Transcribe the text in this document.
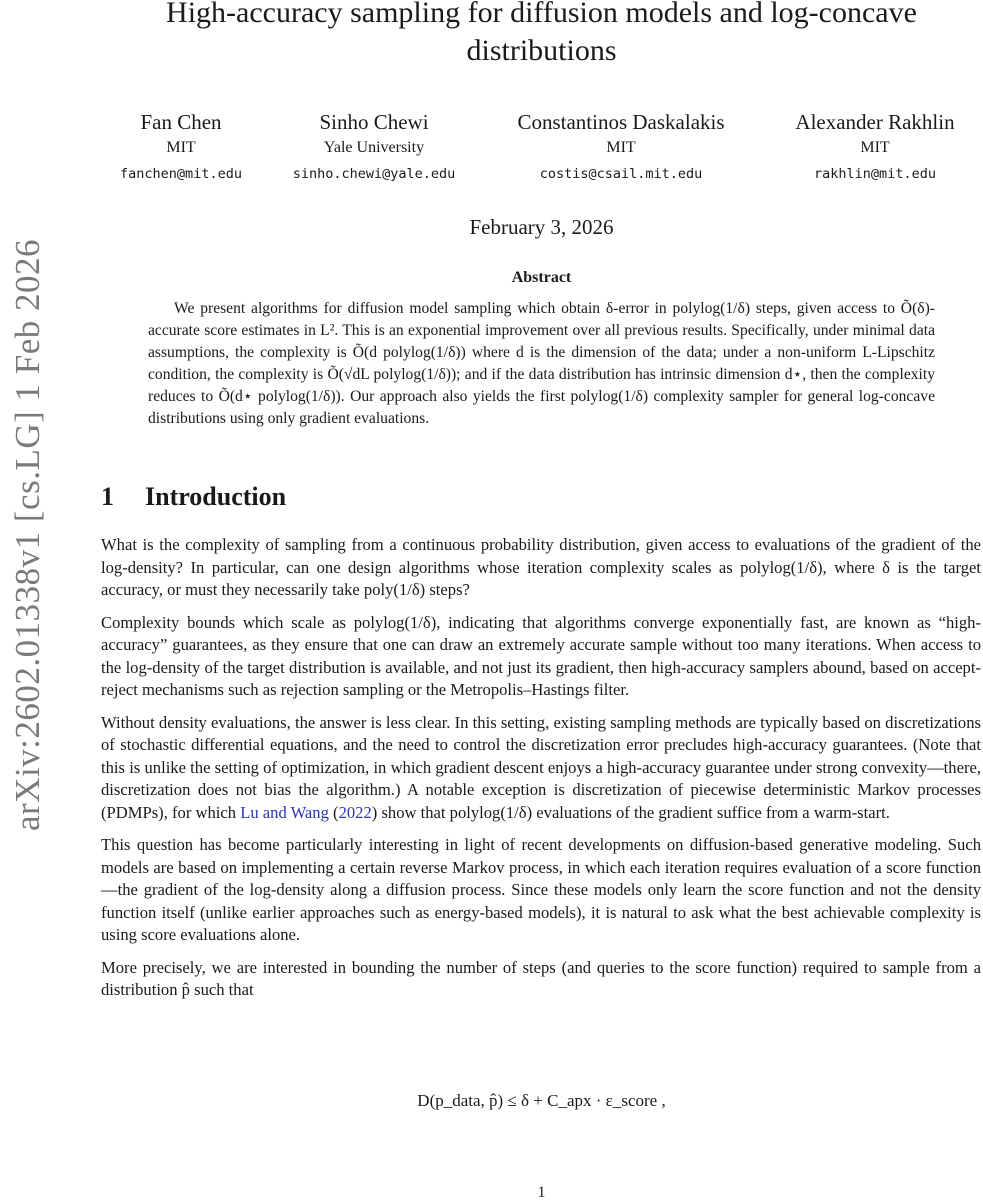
arXiv:2602.01338v1 [cs.LG] 1 Feb 2026
High-accuracy sampling for diffusion models and log-concave distributions
Fan Chen
MIT
fanchen@mit.edu
Sinho Chewi
Yale University
sinho.chewi@yale.edu
Constantinos Daskalakis
MIT
costis@csail.mit.edu
Alexander Rakhlin
MIT
rakhlin@mit.edu
February 3, 2026
Abstract

We present algorithms for diffusion model sampling which obtain δ-error in polylog(1/δ) steps, given access to Õ(δ)-accurate score estimates in L². This is an exponential improvement over all previous results. Specifically, under minimal data assumptions, the complexity is Õ(d polylog(1/δ)) where d is the dimension of the data; under a non-uniform L-Lipschitz condition, the complexity is Õ(√dL polylog(1/δ)); and if the data distribution has intrinsic dimension d⋆, then the complexity reduces to Õ(d⋆ polylog(1/δ)). Our approach also yields the first polylog(1/δ) complexity sampler for general log-concave distributions using only gradient evaluations.

1 Introduction

What is the complexity of sampling from a continuous probability distribution, given access to evaluations of the gradient of the log-density? In particular, can one design algorithms whose iteration complexity scales as polylog(1/δ), where δ is the target accuracy, or must they necessarily take poly(1/δ) steps?

Complexity bounds which scale as polylog(1/δ), indicating that algorithms converge exponentially fast, are known as “high-accuracy” guarantees, as they ensure that one can draw an extremely accurate sample without too many iterations. When access to the log-density of the target distribution is available, and not just its gradient, then high-accuracy samplers abound, based on accept-reject mechanisms such as rejection sampling or the Metropolis–Hastings filter.

Without density evaluations, the answer is less clear. In this setting, existing sampling methods are typically based on discretizations of stochastic differential equations, and the need to control the discretization error precludes high-accuracy guarantees. (Note that this is unlike the setting of optimization, in which gradient descent enjoys a high-accuracy guarantee under strong convexity—there, discretization does not bias the algorithm.) A notable exception is discretization of piecewise deterministic Markov processes (PDMPs), for which Lu and Wang (2022) show that polylog(1/δ) evaluations of the gradient suffice from a warm-start.

This question has become particularly interesting in light of recent developments on diffusion-based generative modeling. Such models are based on implementing a certain reverse Markov process, in which each iteration requires evaluation of a score function—the gradient of the log-density along a diffusion process. Since these models only learn the score function and not the density function itself (unlike earlier approaches such as energy-based models), it is natural to ask what the best achievable complexity is using score evaluations alone.

More precisely, we are interested in bounding the number of steps (and queries to the score function) required to sample from a distribution p̂ such that

D(p_data, p̂) ≤ δ + C_apx · ε_score ,
1
